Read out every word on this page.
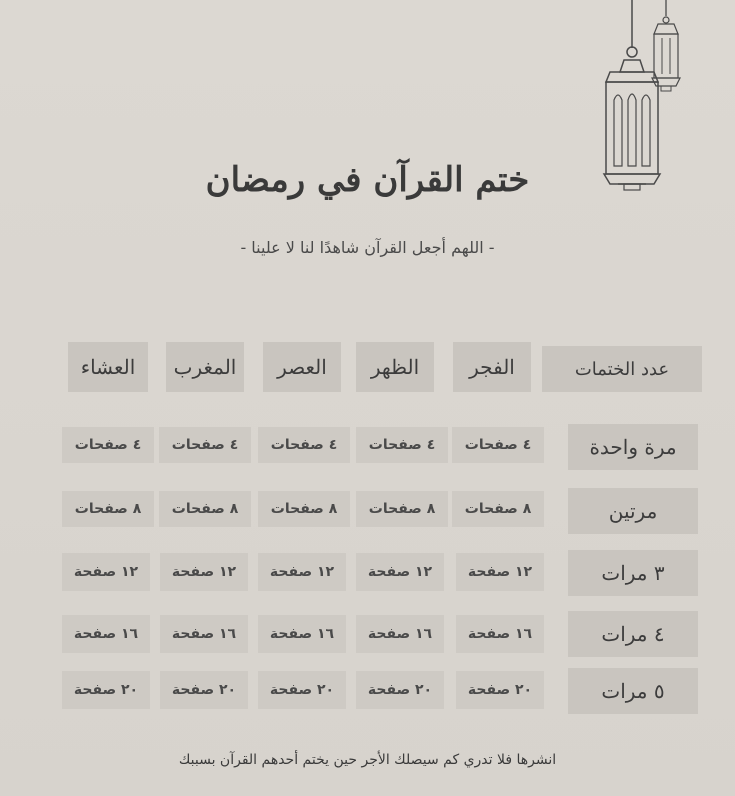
ختم القرآن في رمضان
- اللهم أجعل القرآن شاهدًا لنا لا علينا -
عدد الختمات
الفجر
الظهر
العصر
المغرب
العشاء
مرة واحدة
٤ صفحات
٤ صفحات
٤ صفحات
٤ صفحات
٤ صفحات
مرتين
٨ صفحات
٨ صفحات
٨ صفحات
٨ صفحات
٨ صفحات
٣ مرات
١٢ صفحة
١٢ صفحة
١٢ صفحة
١٢ صفحة
١٢ صفحة
٤ مرات
١٦ صفحة
١٦ صفحة
١٦ صفحة
١٦ صفحة
١٦ صفحة
٥ مرات
٢٠ صفحة
٢٠ صفحة
٢٠ صفحة
٢٠ صفحة
٢٠ صفحة
انشرها فلا تدري كم سيصلك الأجر حين يختم أحدهم القرآن بسببك
